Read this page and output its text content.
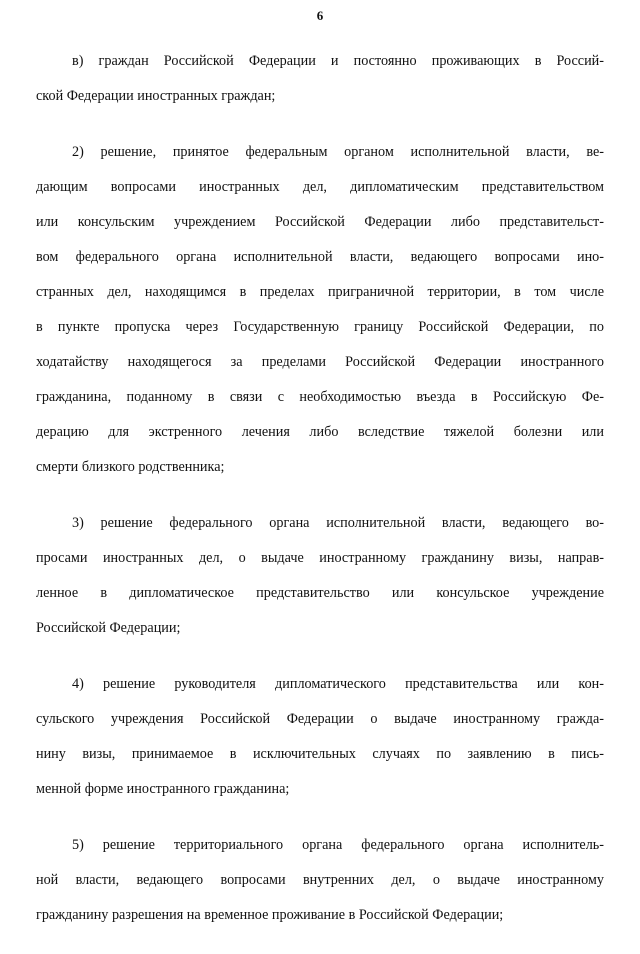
6
в) граждан Российской Федерации и постоянно проживающих в Россий-
ской Федерации иностранных граждан;
2) решение, принятое федеральным органом исполнительной власти, ве-
дающим вопросами иностранных дел, дипломатическим представительством
или консульским учреждением Российской Федерации либо представительст-
вом федерального органа исполнительной власти, ведающего вопросами ино-
странных дел, находящимся в пределах приграничной территории, в том числе
в пункте пропуска через Государственную границу Российской Федерации, по
ходатайству находящегося за пределами Российской Федерации иностранного
гражданина, поданному в связи с необходимостью въезда в Российскую Фе-
дерацию для экстренного лечения либо вследствие тяжелой болезни или
смерти близкого родственника;
3) решение федерального органа исполнительной власти, ведающего во-
просами иностранных дел, о выдаче иностранному гражданину визы, направ-
ленное в дипломатическое представительство или консульское учреждение
Российской Федерации;
4) решение руководителя дипломатического представительства или кон-
сульского учреждения Российской Федерации о выдаче иностранному гражда-
нину визы, принимаемое в исключительных случаях по заявлению в пись-
менной форме иностранного гражданина;
5) решение территориального органа федерального органа исполнитель-
ной власти, ведающего вопросами внутренних дел, о выдаче иностранному
гражданину разрешения на временное проживание в Российской Федерации;
